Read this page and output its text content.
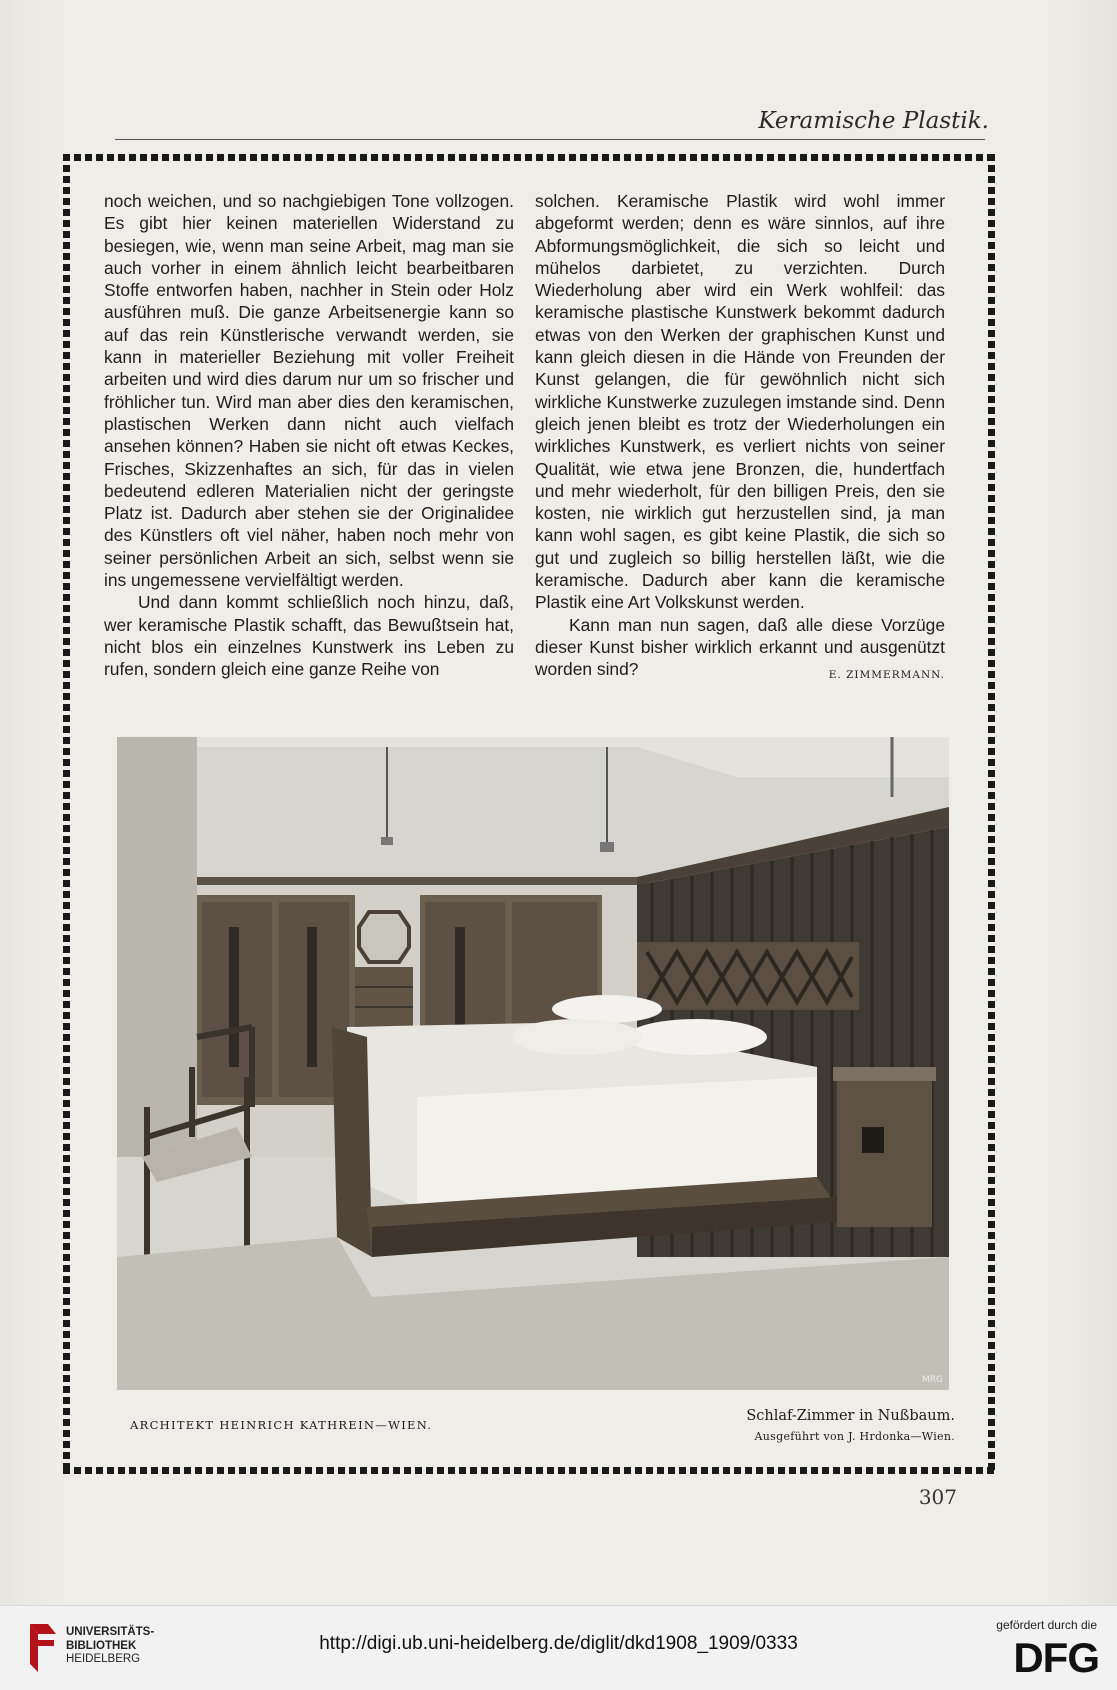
Keramische Plastik.

noch weichen, und so nachgiebigen Tone vollzogen. Es gibt hier keinen materiellen Widerstand zu besiegen, wie, wenn man seine Arbeit, mag man sie auch vorher in einem ähnlich leicht bearbeitbaren Stoffe entworfen haben, nachher in Stein oder Holz ausführen muß. Die ganze Arbeitsenergie kann so auf das rein Künstlerische verwandt werden, sie kann in materieller Beziehung mit voller Freiheit arbeiten und wird dies darum nur um so frischer und fröhlicher tun. Wird man aber dies den keramischen, plastischen Werken dann nicht auch vielfach ansehen können? Haben sie nicht oft etwas Keckes, Frisches, Skizzenhaftes an sich, für das in vielen bedeutend edleren Materialien nicht der geringste Platz ist. Dadurch aber stehen sie der Originalidee des Künstlers oft viel näher, haben noch mehr von seiner persönlichen Arbeit an sich, selbst wenn sie ins ungemessene vervielfältigt werden.

Und dann kommt schließlich noch hinzu, daß, wer keramische Plastik schafft, das Bewußtsein hat, nicht blos ein einzelnes Kunstwerk ins Leben zu rufen, sondern gleich eine ganze Reihe von

solchen. Keramische Plastik wird wohl immer abgeformt werden; denn es wäre sinnlos, auf ihre Abformungsmöglichkeit, die sich so leicht und mühelos darbietet, zu verzichten. Durch Wiederholung aber wird ein Werk wohlfeil: das keramische plastische Kunstwerk bekommt dadurch etwas von den Werken der graphischen Kunst und kann gleich diesen in die Hände von Freunden der Kunst gelangen, die für gewöhnlich nicht sich wirkliche Kunstwerke zuzulegen imstande sind. Denn gleich jenen bleibt es trotz der Wiederholungen ein wirkliches Kunstwerk, es verliert nichts von seiner Qualität, wie etwa jene Bronzen, die, hundertfach und mehr wiederholt, für den billigen Preis, den sie kosten, nie wirklich gut herzustellen sind, ja man kann wohl sagen, es gibt keine Plastik, die sich so gut und zugleich so billig herstellen läßt, wie die keramische. Dadurch aber kann die keramische Plastik eine Art Volkskunst werden.

Kann man nun sagen, daß alle diese Vorzüge dieser Kunst bisher wirklich erkannt und ausgenützt worden sind?	E. ZIMMERMANN.

MRG
ARCHITEKT HEINRICH KATHREIN—WIEN.
Schlaf-Zimmer in Nußbaum.
Ausgeführt von J. Hrdonka—Wien.
307
UNIVERSITÄTS-
BIBLIOTHEK
HEIDELBERG
http://digi.ub.uni-heidelberg.de/diglit/dkd1908_1909/0333
gefördert durch die
DFG
